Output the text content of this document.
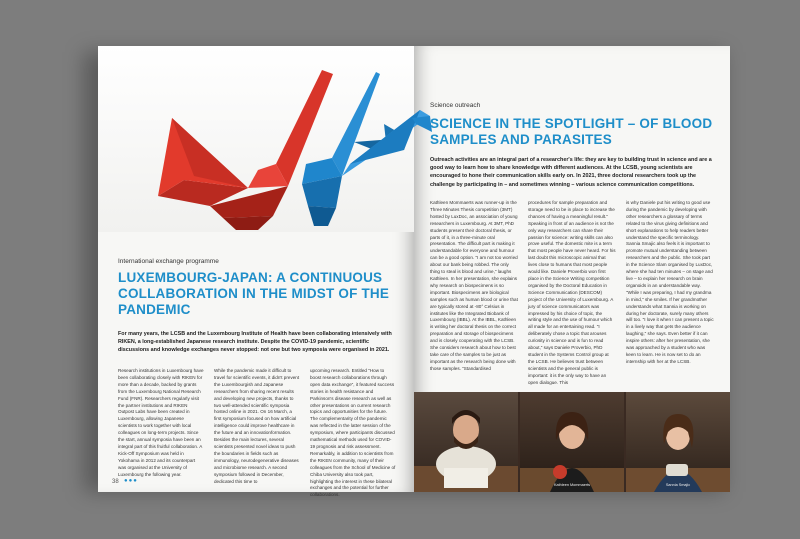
International exchange programme
LUXEMBOURG-JAPAN: A CONTINUOUS COLLABORATION IN THE MIDST OF THE PANDEMIC
For many years, the LCSB and the Luxembourg Institute of Health have been collaborating intensively with RIKEN, a long-established Japanese research institute. Despite the COVID-19 pandemic, scientific discussions and knowledge exchanges never stopped: not one but two symposia were organised in 2021.

Research institutions in Luxembourg have been collaborating closely with RIKEN for more than a decade, backed by grants from the Luxembourg National Research Fund (FNR). Researchers regularly visit the partner institutions and RIKEN Outpost Labs have been created in Luxembourg, allowing Japanese scientists to work together with local colleagues on long-term projects. Since the start, annual symposia have been an integral part of this fruitful collaboration. A Kick-Off Symposium was held in Yokohama in 2012 and its counterpart was organised at the University of Luxembourg the following year.

While the pandemic made it difficult to travel for scientific events, it didn't prevent the Luxembourgish and Japanese researchers from sharing recent results and developing new projects, thanks to two well-attended scientific symposia hosted online in 2021. On 16 March, a first symposium focused on how artificial intelligence could improve healthcare in the future and an innovationformation. Besides the main lectures, several scientists presented novel ideas to push the boundaries in fields such as immunology, neurodegenerative diseases and microbiome research. A second symposium followed in December, dedicated this time to

upcoming research. Entitled "How to boost research collaborations through open data exchange", it featured success stories in health resistance and Parkinson's disease research as well as other presentations on current research topics and opportunities for the future. The complementarity of the pandemic was reflected in the latter session of the symposium, where participants discussed mathematical methods used for COVID-19 prognosis and risk assessment. Remarkably, in addition to scientists from the RIKEN community, many of their colleagues from the School of Medicine of Chiba University also took part, highlighting the interest in these bilateral exchanges and the potential for further collaborations.

38 ●●●
Science outreach
SCIENCE IN THE SPOTLIGHT – OF BLOOD SAMPLES AND PARASITES
Outreach activities are an integral part of a researcher's life: they are key to building trust in science and are a good way to learn how to share knowledge with different audiences. At the LCSB, young scientists are encouraged to hone their communication skills early on. In 2021, three doctoral researchers took up the challenge by participating in – and sometimes winning – various science communication competitions.

Kathleen Mommaerts was runner-up in the Three Minutes Thesis competition (3MT) hosted by LuxDoc, an association of young researchers in Luxembourg. At 3MT, PhD students present their doctoral thesis, or parts of it, in a three-minute oral presentation. The difficult part is making it understandable for everyone and humour can be a good option. "I am not too worried about our bank being robbed. The only thing to steal is blood and urine," laughs Kathleen. In her presentation, she explains why research on biospecimens is so important. Biospecimens are biological samples such as human blood or urine that are typically stored at -80° Celsius in institutes like the Integrated Biobank of Luxembourg (IBBL). At the IBBL, Kathleen is writing her doctoral thesis on the correct preparation and storage of biospecimens and is closely cooperating with the LCSB. She considers research about how to best take care of the samples to be just as important as the research being done with those samples. "Standardised

procedures for sample preparation and storage need to be in place to increase the chances of having a meaningful result." Speaking in front of an audience is not the only way researchers can share their passion for science: writing skills can also prove useful. The domestic mite is a term that most people have never heard. For his last doubt this microscopic animal that lives close to humans that most people would like. Daniele Proverbio won first place in the Science Writing competition organised by the Doctoral Education in Science Communication (DESCOM) project of the University of Luxembourg. A jury of science communicators was impressed by his choice of topic, the writing style and the use of humour which all made for an entertaining read. "I deliberately chose a topic that arouses curiosity in science and is fun to read about," says Daniele Proverbio, PhD student in the Systems Control group at the LCSB. He believes trust between scientists and the general public is important: it is the only way to have an open dialogue. This

is why Daniele put his writing to good use during the pandemic by developing with other researchers a glossary of terms related to the virus giving definitions and short explanations to help readers better understand the specific terminology. Sannia Smajic also feels it is important to promote mutual understanding between researchers and the public. She took part in the Science Slam organised by LuxDoc, where she had ten minutes – on stage and live – to explain her research on brain organoids in an understandable way. "While I was preparing, I had my grandma in mind," she smiles. If her grandmother understands what Sannia is working on during her doctorate, surely many others will too. "I love it when I can present a topic in a lively way that gets the audience laughing," she says. Even better if it can inspire others: after her presentation, she was approached by a student who was keen to learn. He is now set to do an internship with her at the LCSB.

Daniele Proverbio	Kathleen Mommaerts	Sannia Smajic
